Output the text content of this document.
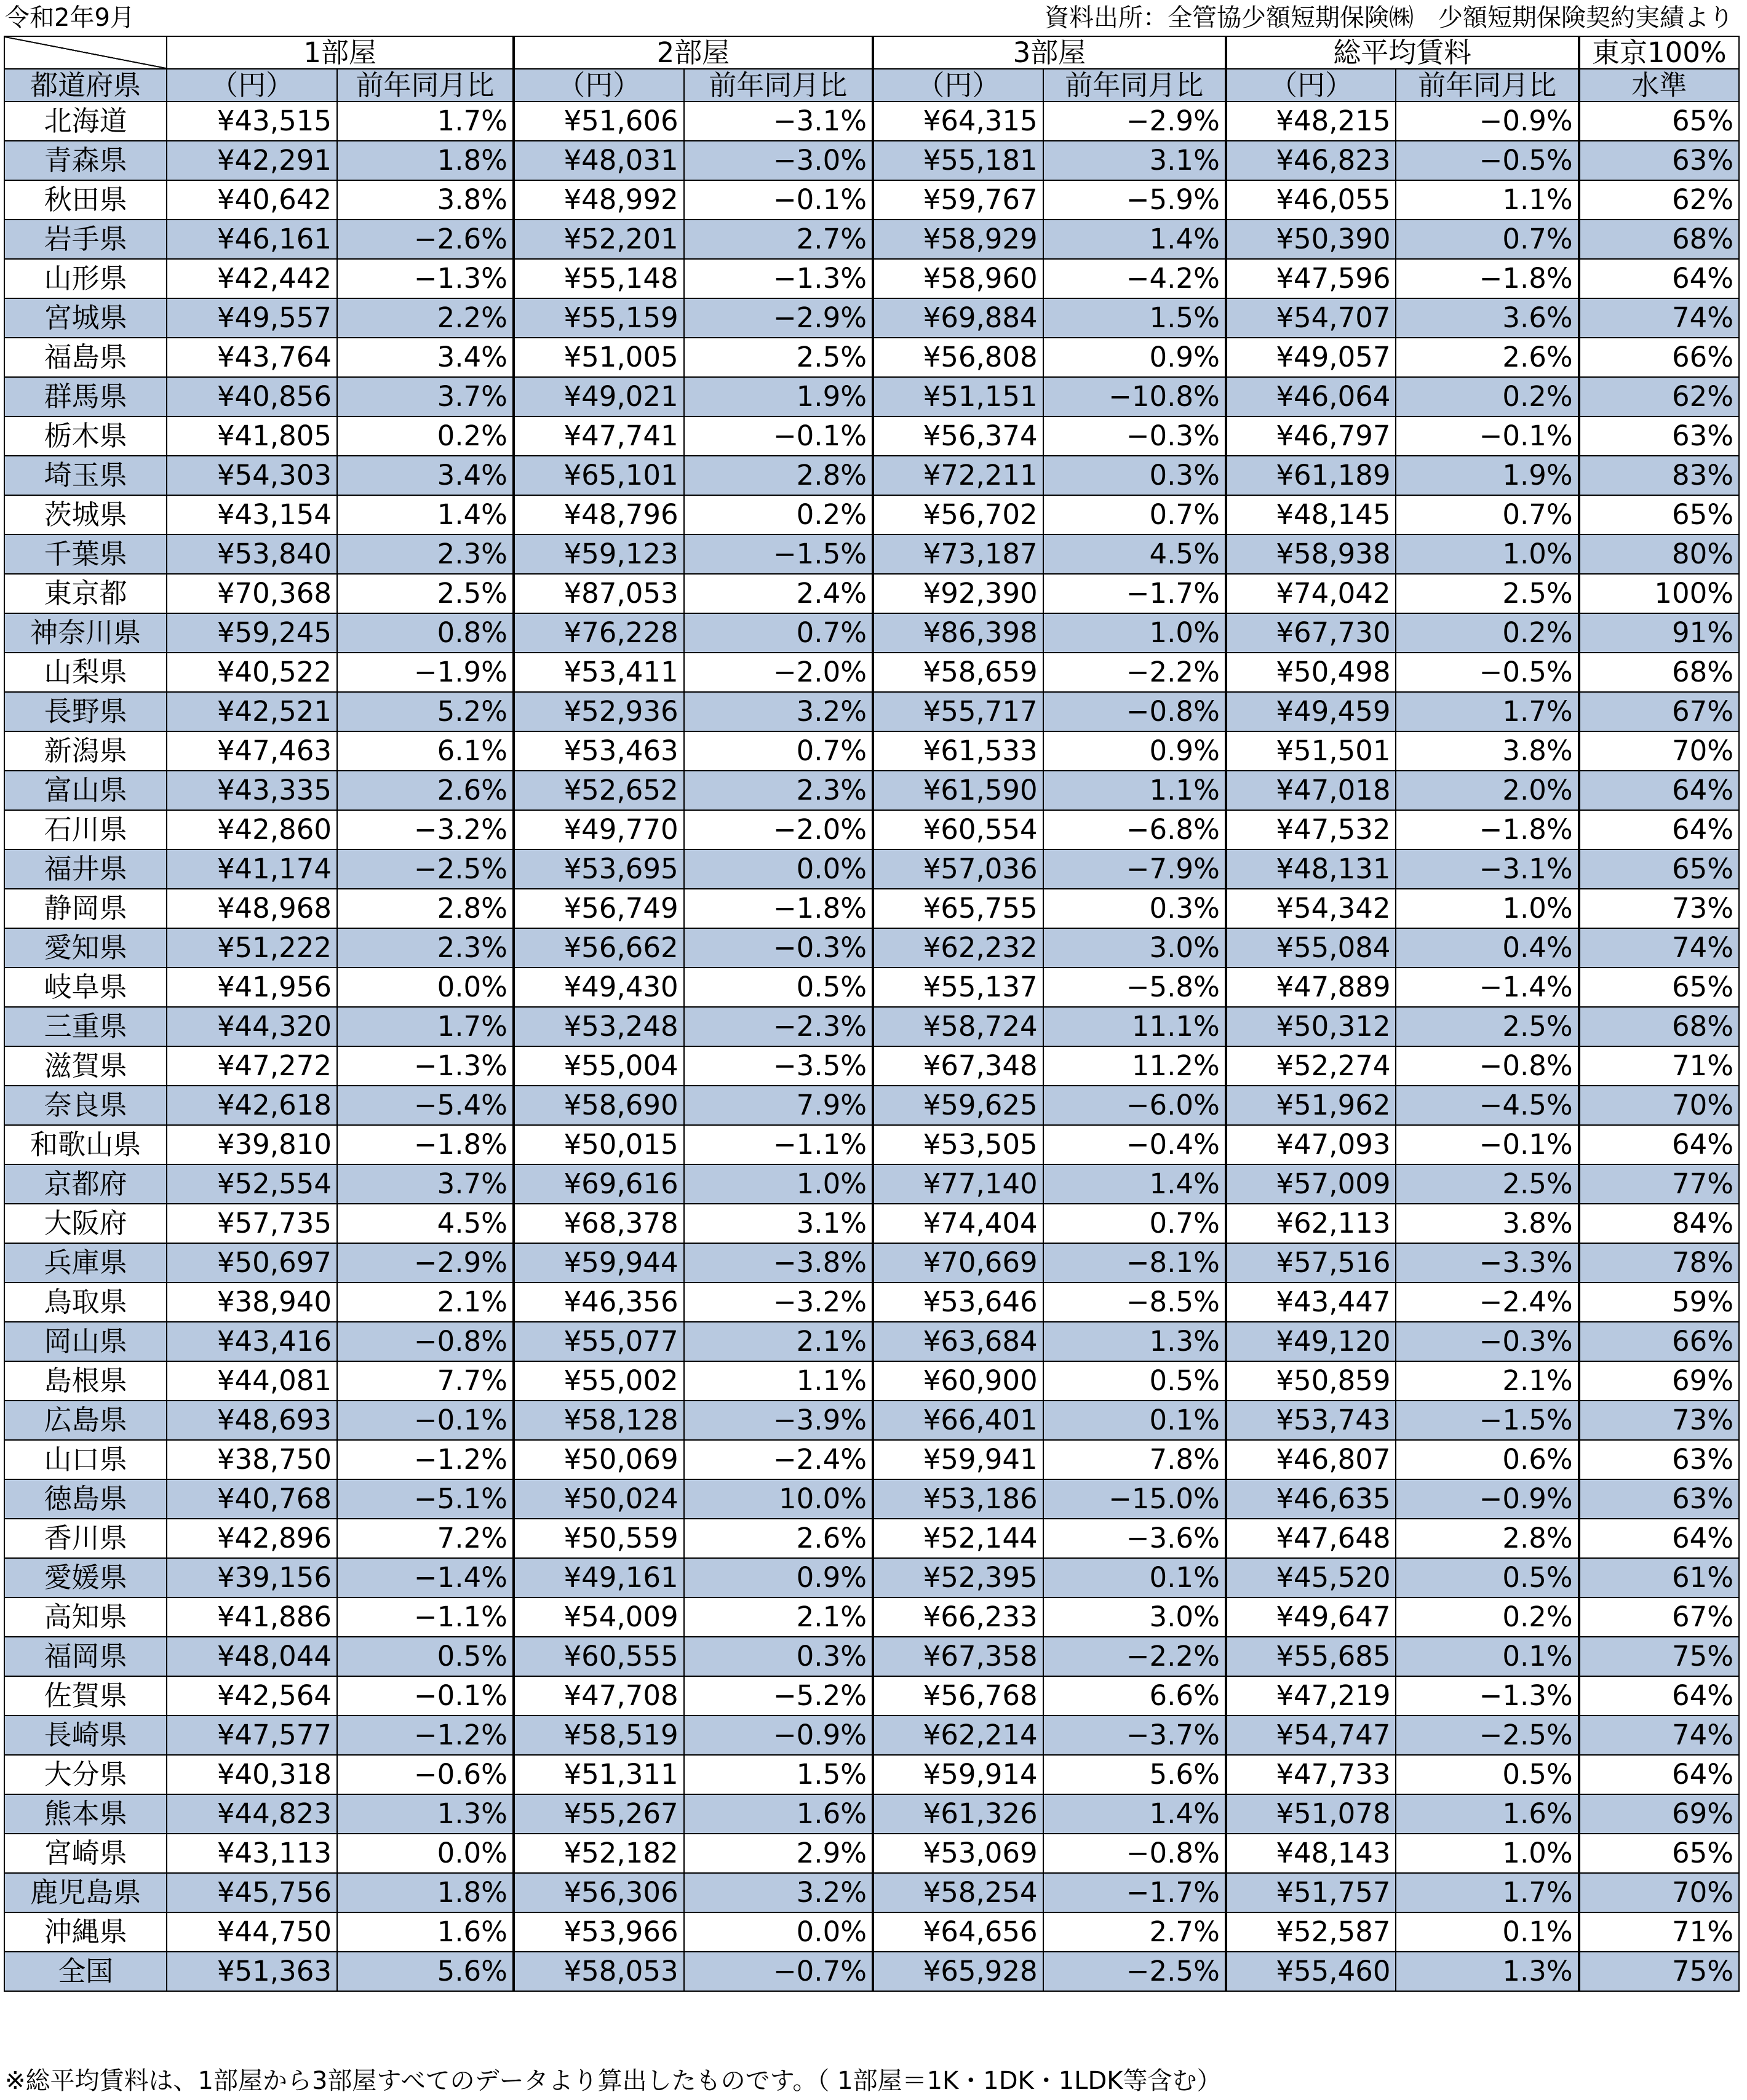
令和2年9月	資料出所：全管協少額短期保険㈱　少額短期保険契約実績より
	1部屋		2部屋		3部屋		総平均賃料		東京100%
都道府県	（円）	前年同月比	（円）	前年同月比	（円）	前年同月比	（円）	前年同月比	水準
北海道	¥43,515	1.7%	¥51,606	−3.1%	¥64,315	−2.9%	¥48,215	−0.9%	65%
青森県	¥42,291	1.8%	¥48,031	−3.0%	¥55,181	3.1%	¥46,823	−0.5%	63%
秋田県	¥40,642	3.8%	¥48,992	−0.1%	¥59,767	−5.9%	¥46,055	1.1%	62%
岩手県	¥46,161	−2.6%	¥52,201	2.7%	¥58,929	1.4%	¥50,390	0.7%	68%
山形県	¥42,442	−1.3%	¥55,148	−1.3%	¥58,960	−4.2%	¥47,596	−1.8%	64%
宮城県	¥49,557	2.2%	¥55,159	−2.9%	¥69,884	1.5%	¥54,707	3.6%	74%
福島県	¥43,764	3.4%	¥51,005	2.5%	¥56,808	0.9%	¥49,057	2.6%	66%
群馬県	¥40,856	3.7%	¥49,021	1.9%	¥51,151	−10.8%	¥46,064	0.2%	62%
栃木県	¥41,805	0.2%	¥47,741	−0.1%	¥56,374	−0.3%	¥46,797	−0.1%	63%
埼玉県	¥54,303	3.4%	¥65,101	2.8%	¥72,211	0.3%	¥61,189	1.9%	83%
茨城県	¥43,154	1.4%	¥48,796	0.2%	¥56,702	0.7%	¥48,145	0.7%	65%
千葉県	¥53,840	2.3%	¥59,123	−1.5%	¥73,187	4.5%	¥58,938	1.0%	80%
東京都	¥70,368	2.5%	¥87,053	2.4%	¥92,390	−1.7%	¥74,042	2.5%	100%
神奈川県	¥59,245	0.8%	¥76,228	0.7%	¥86,398	1.0%	¥67,730	0.2%	91%
山梨県	¥40,522	−1.9%	¥53,411	−2.0%	¥58,659	−2.2%	¥50,498	−0.5%	68%
長野県	¥42,521	5.2%	¥52,936	3.2%	¥55,717	−0.8%	¥49,459	1.7%	67%
新潟県	¥47,463	6.1%	¥53,463	0.7%	¥61,533	0.9%	¥51,501	3.8%	70%
富山県	¥43,335	2.6%	¥52,652	2.3%	¥61,590	1.1%	¥47,018	2.0%	64%
石川県	¥42,860	−3.2%	¥49,770	−2.0%	¥60,554	−6.8%	¥47,532	−1.8%	64%
福井県	¥41,174	−2.5%	¥53,695	0.0%	¥57,036	−7.9%	¥48,131	−3.1%	65%
静岡県	¥48,968	2.8%	¥56,749	−1.8%	¥65,755	0.3%	¥54,342	1.0%	73%
愛知県	¥51,222	2.3%	¥56,662	−0.3%	¥62,232	3.0%	¥55,084	0.4%	74%
岐阜県	¥41,956	0.0%	¥49,430	0.5%	¥55,137	−5.8%	¥47,889	−1.4%	65%
三重県	¥44,320	1.7%	¥53,248	−2.3%	¥58,724	11.1%	¥50,312	2.5%	68%
滋賀県	¥47,272	−1.3%	¥55,004	−3.5%	¥67,348	11.2%	¥52,274	−0.8%	71%
奈良県	¥42,618	−5.4%	¥58,690	7.9%	¥59,625	−6.0%	¥51,962	−4.5%	70%
和歌山県	¥39,810	−1.8%	¥50,015	−1.1%	¥53,505	−0.4%	¥47,093	−0.1%	64%
京都府	¥52,554	3.7%	¥69,616	1.0%	¥77,140	1.4%	¥57,009	2.5%	77%
大阪府	¥57,735	4.5%	¥68,378	3.1%	¥74,404	0.7%	¥62,113	3.8%	84%
兵庫県	¥50,697	−2.9%	¥59,944	−3.8%	¥70,669	−8.1%	¥57,516	−3.3%	78%
鳥取県	¥38,940	2.1%	¥46,356	−3.2%	¥53,646	−8.5%	¥43,447	−2.4%	59%
岡山県	¥43,416	−0.8%	¥55,077	2.1%	¥63,684	1.3%	¥49,120	−0.3%	66%
島根県	¥44,081	7.7%	¥55,002	1.1%	¥60,900	0.5%	¥50,859	2.1%	69%
広島県	¥48,693	−0.1%	¥58,128	−3.9%	¥66,401	0.1%	¥53,743	−1.5%	73%
山口県	¥38,750	−1.2%	¥50,069	−2.4%	¥59,941	7.8%	¥46,807	0.6%	63%
徳島県	¥40,768	−5.1%	¥50,024	10.0%	¥53,186	−15.0%	¥46,635	−0.9%	63%
香川県	¥42,896	7.2%	¥50,559	2.6%	¥52,144	−3.6%	¥47,648	2.8%	64%
愛媛県	¥39,156	−1.4%	¥49,161	0.9%	¥52,395	0.1%	¥45,520	0.5%	61%
高知県	¥41,886	−1.1%	¥54,009	2.1%	¥66,233	3.0%	¥49,647	0.2%	67%
福岡県	¥48,044	0.5%	¥60,555	0.3%	¥67,358	−2.2%	¥55,685	0.1%	75%
佐賀県	¥42,564	−0.1%	¥47,708	−5.2%	¥56,768	6.6%	¥47,219	−1.3%	64%
長崎県	¥47,577	−1.2%	¥58,519	−0.9%	¥62,214	−3.7%	¥54,747	−2.5%	74%
大分県	¥40,318	−0.6%	¥51,311	1.5%	¥59,914	5.6%	¥47,733	0.5%	64%
熊本県	¥44,823	1.3%	¥55,267	1.6%	¥61,326	1.4%	¥51,078	1.6%	69%
宮崎県	¥43,113	0.0%	¥52,182	2.9%	¥53,069	−0.8%	¥48,143	1.0%	65%
鹿児島県	¥45,756	1.8%	¥56,306	3.2%	¥58,254	−1.7%	¥51,757	1.7%	70%
沖縄県	¥44,750	1.6%	¥53,966	0.0%	¥64,656	2.7%	¥52,587	0.1%	71%
全国	¥51,363	5.6%	¥58,053	−0.7%	¥65,928	−2.5%	¥55,460	1.3%	75%
※総平均賃料は、1部屋から3部屋すべてのデータより算出したものです。（ 1部屋＝1K・1DK・1LDK等含む）
